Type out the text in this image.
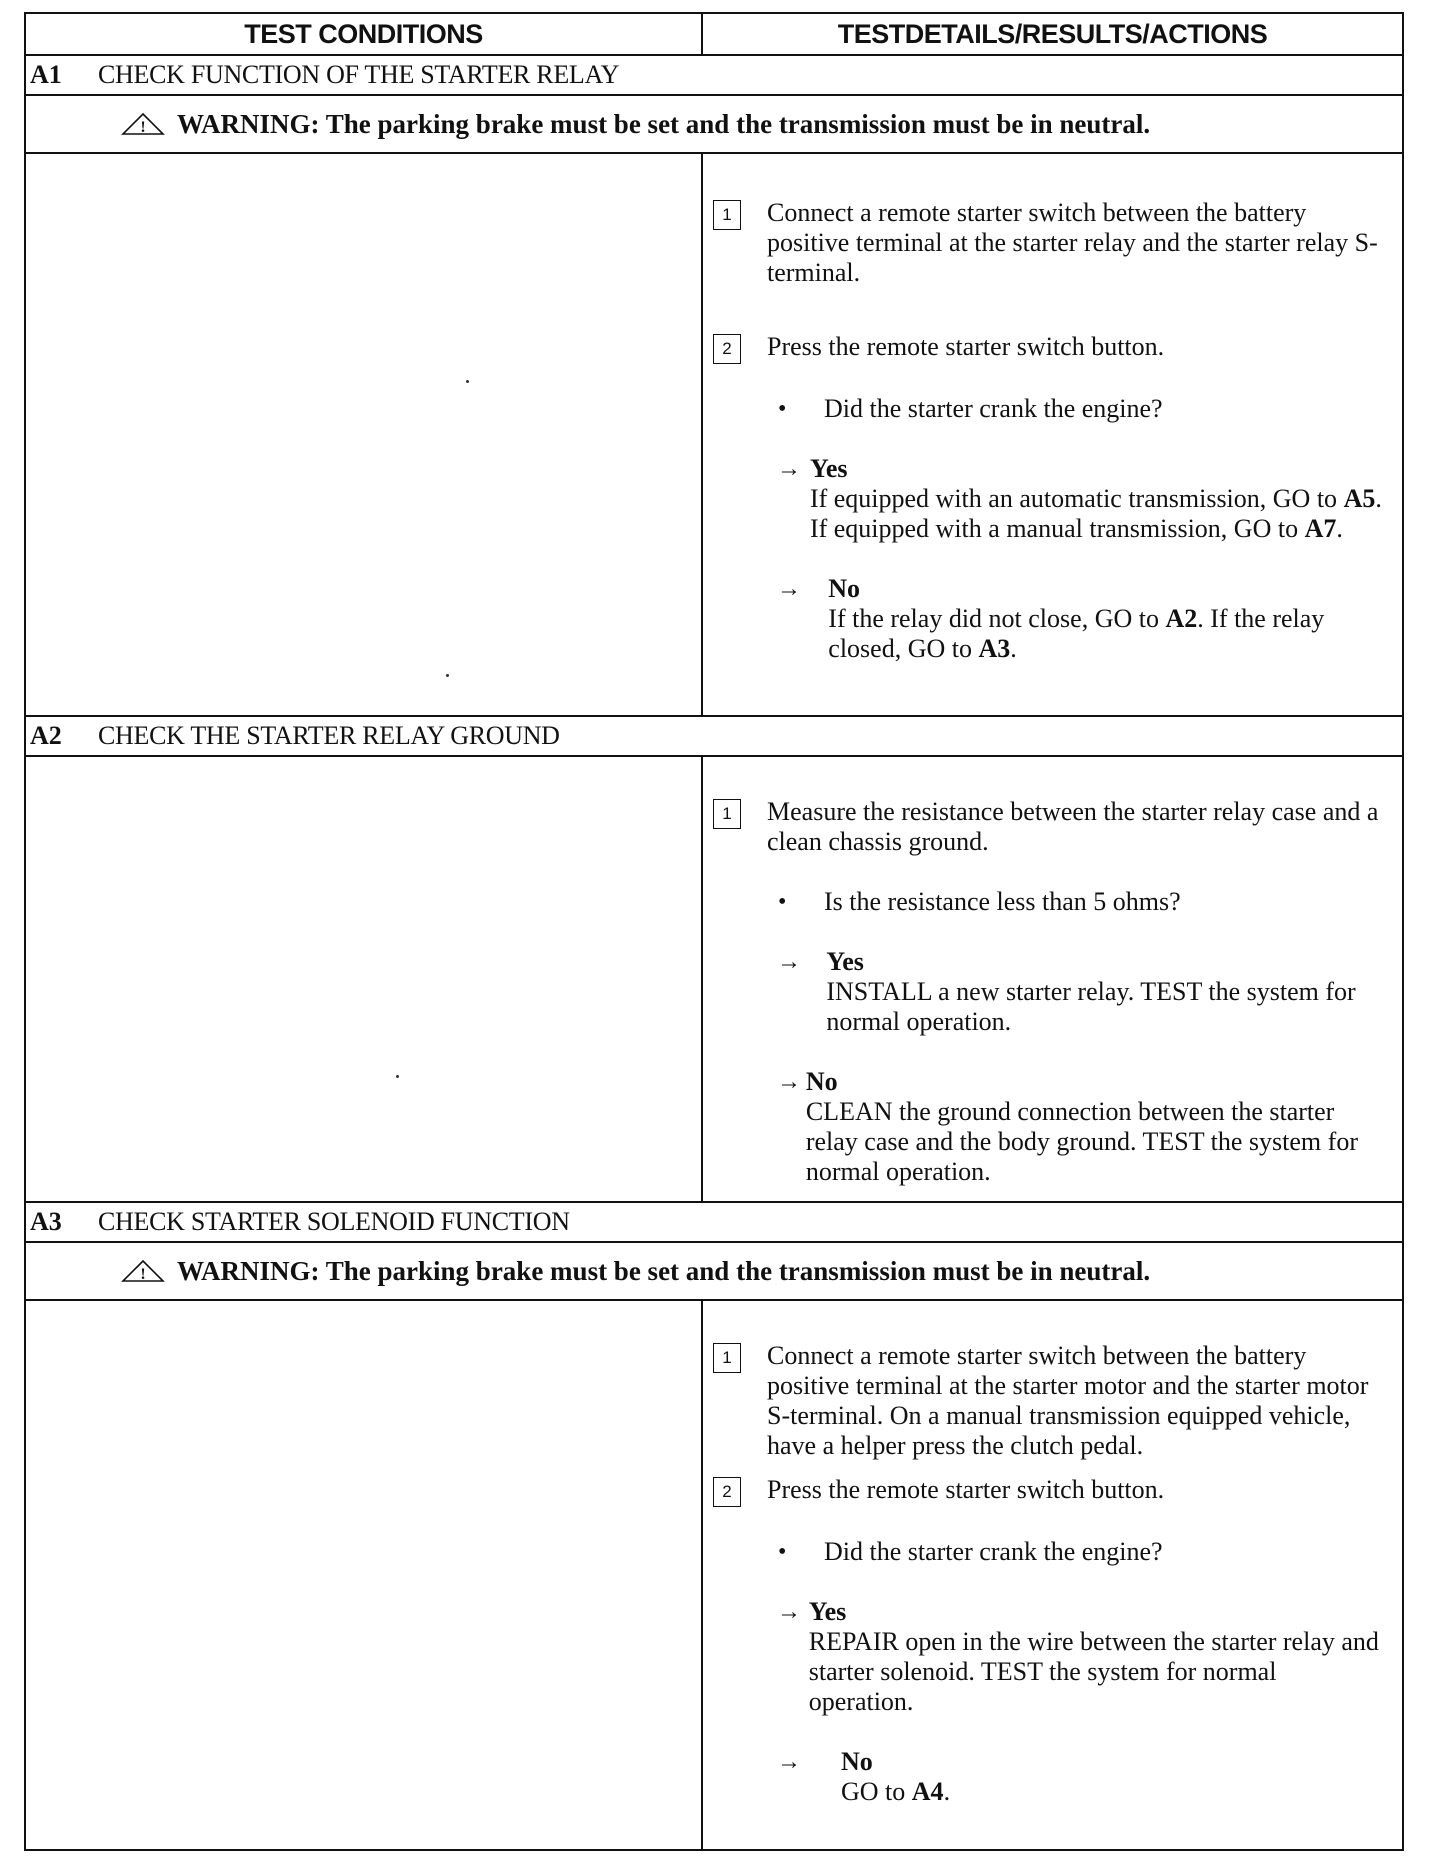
TEST CONDITIONS	TESTDETAILS/RESULTS/ACTIONS
A1	CHECK FUNCTION OF THE STARTER RELAY
! WARNING: The parking brake must be set and the transmission must be in neutral.
1	Connect a remote starter switch between the battery positive terminal at the starter relay and the starter relay S-terminal.
2	Press the remote starter switch button.
•	Did the starter crank the engine?
→ Yes
If equipped with an automatic transmission, GO to A5. If equipped with a manual transmission, GO to A7.
→	No
If the relay did not close, GO to A2. If the relay closed, GO to A3.
A2	CHECK THE STARTER RELAY GROUND
1	Measure the resistance between the starter relay case and a clean chassis ground.
•	Is the resistance less than 5 ohms?
→ Yes
INSTALL a new starter relay. TEST the system for normal operation.
→ No
CLEAN the ground connection between the starter relay case and the body ground. TEST the system for normal operation.
A3	CHECK STARTER SOLENOID FUNCTION
! WARNING: The parking brake must be set and the transmission must be in neutral.
1	Connect a remote starter switch between the battery positive terminal at the starter motor and the starter motor S-terminal. On a manual transmission equipped vehicle, have a helper press the clutch pedal.
2	Press the remote starter switch button.
•	Did the starter crank the engine?
→ Yes
REPAIR open in the wire between the starter relay and starter solenoid. TEST the system for normal operation.
→	No
GO to A4.
